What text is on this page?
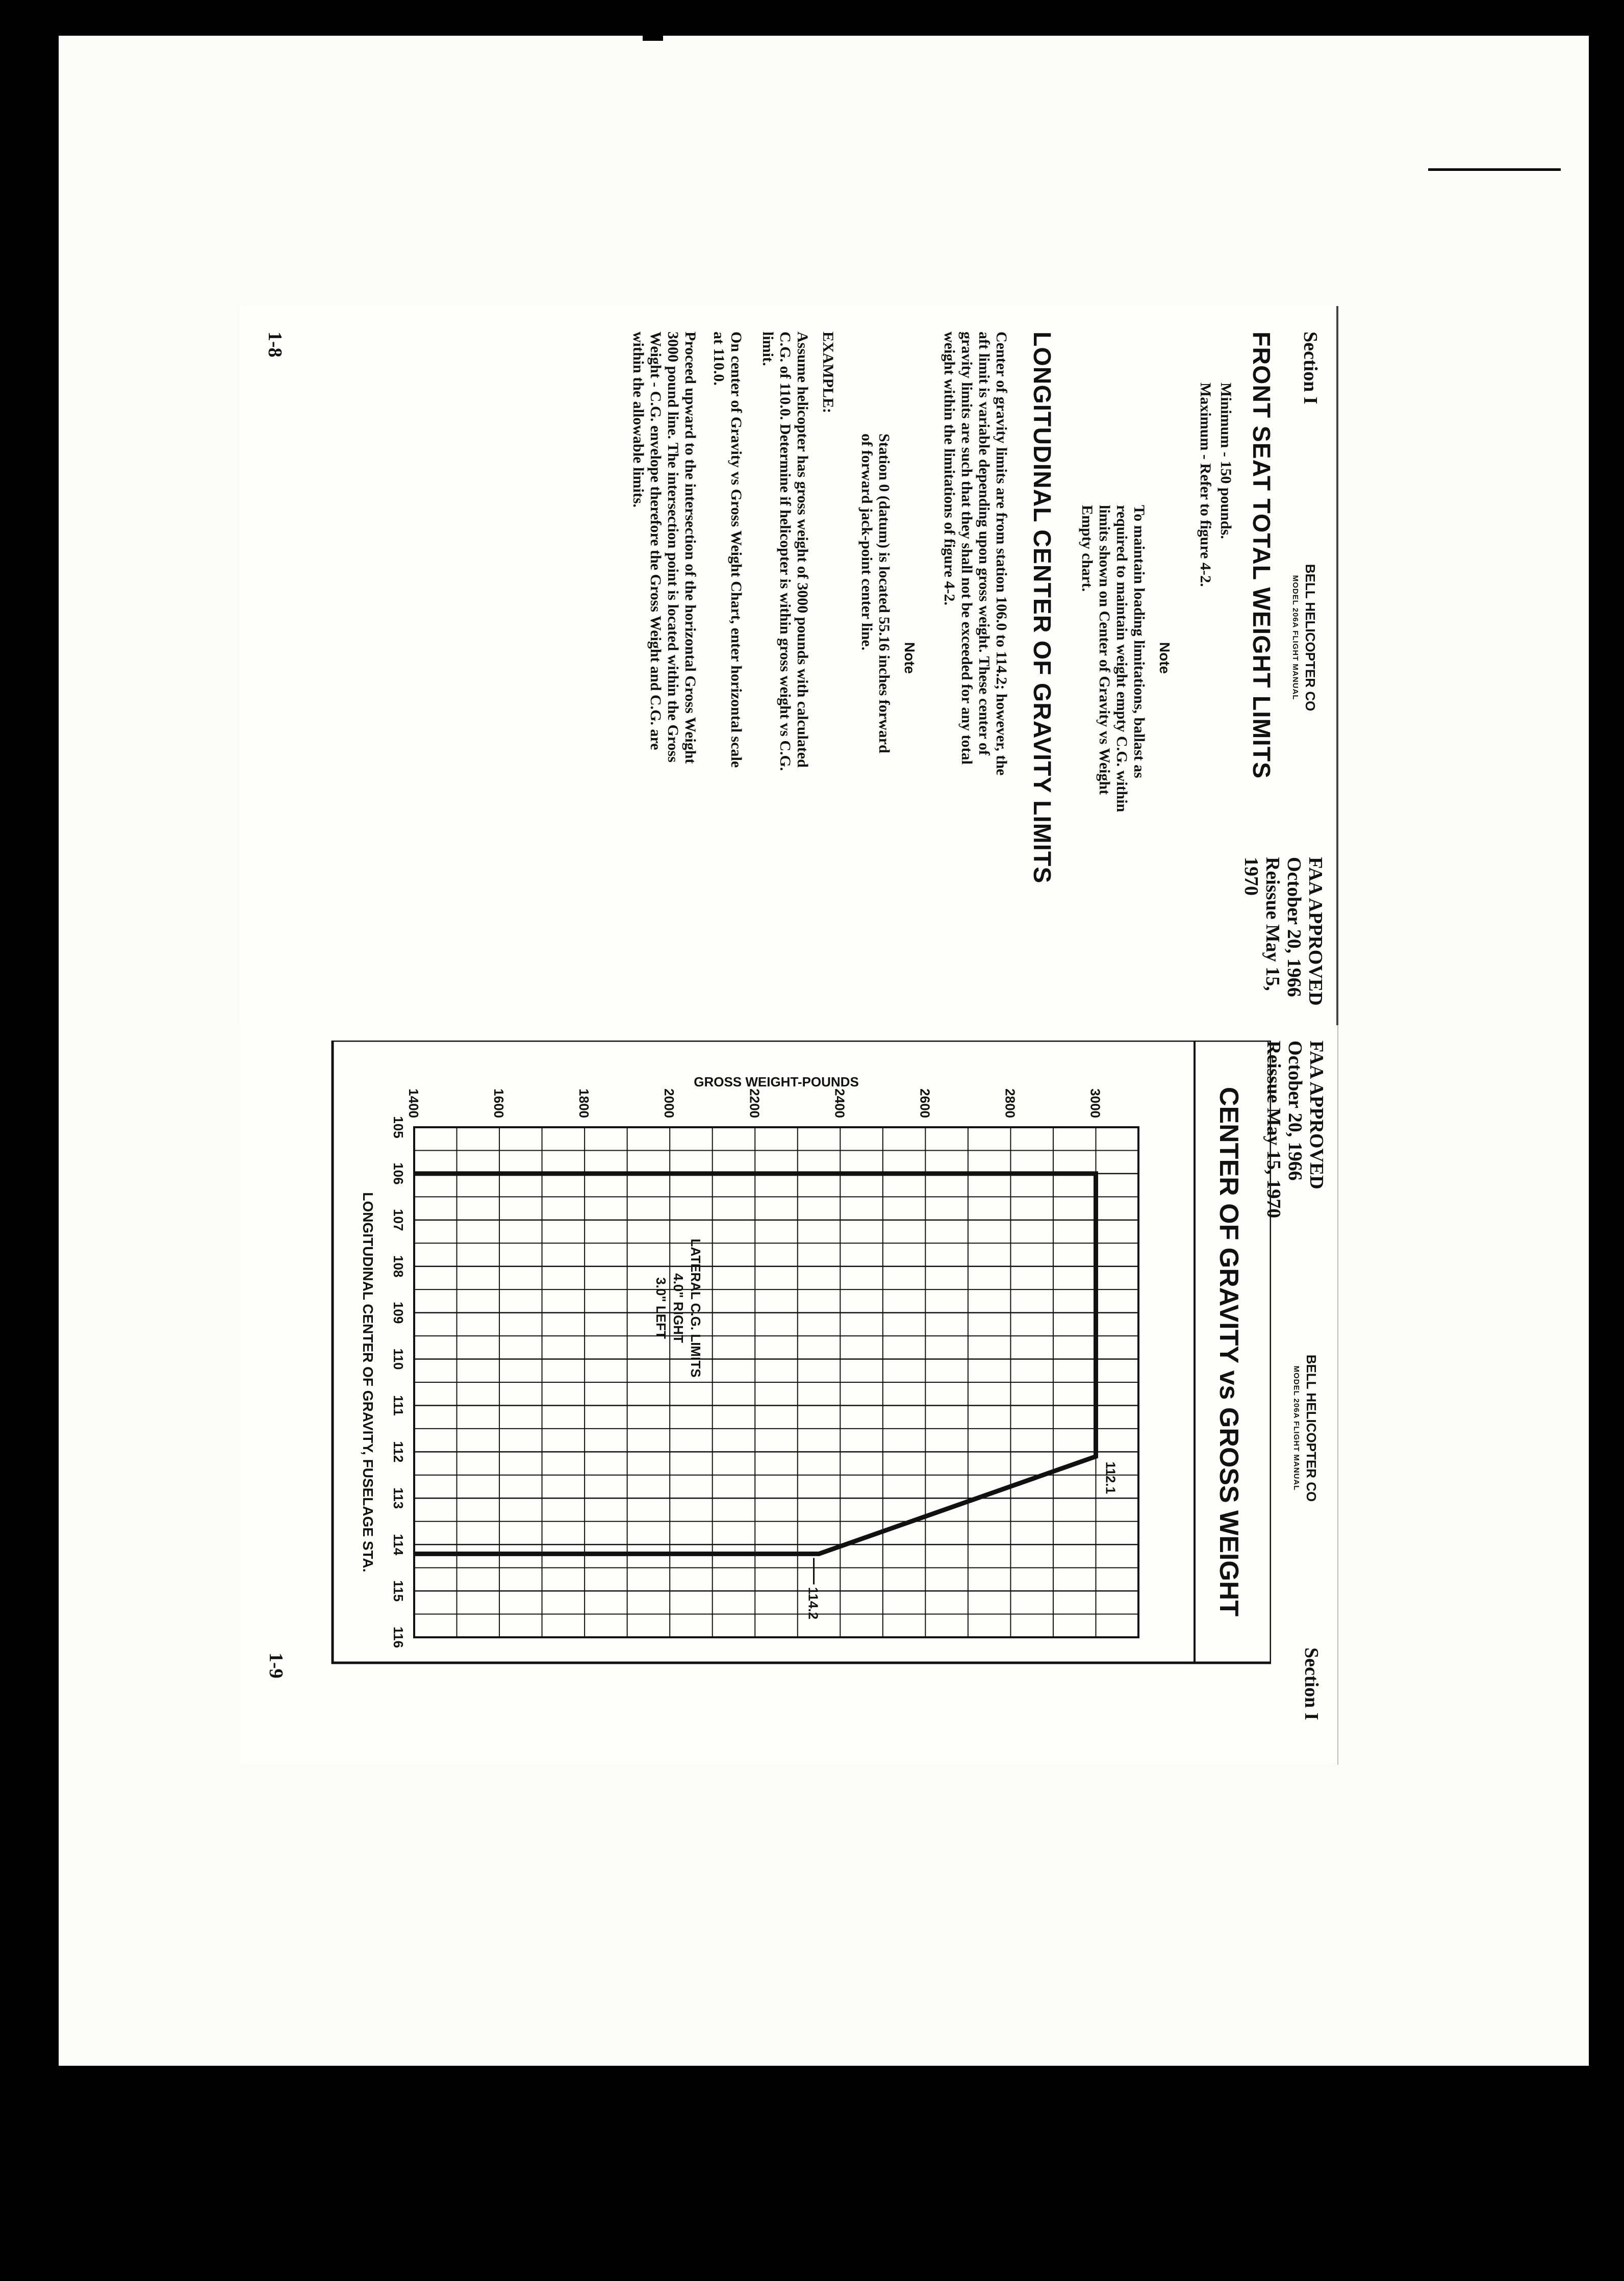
Section I
BELL HELICOPTER CO
MODEL 206A FLIGHT MANUAL
FAA APPROVED
October 20, 1966
Reissue May 15, 1970
FRONT SEAT TOTAL WEIGHT LIMITS
Minimum - 150 pounds.
Maximum - Refer to figure 4-2.
Note
To maintain loading limitations, ballast as
required to maintain weight empty C.G. within
limits shown on Center of Gravity vs Weight
Empty chart.
LONGITUDINAL CENTER OF GRAVITY LIMITS
Center of gravity limits are from station 106.0 to 114.2; however, the
aft limit is variable depending upon gross weight. These center of
gravity limits are such that they shall not be exceeded for any total
weight within the limitations of figure 4-2.
Note
Station 0 (datum) is located 55.16 inches forward
of forward jack-point center line.
EXAMPLE:
Assume helicopter has gross weight of 3000 pounds with calculated
C.G. of 110.0. Determine if helicopter is within gross weight vs C.G.
limit.
On center of Gravity vs Gross Weight Chart, enter horizontal scale
at 110.0.
Proceed upward to the intersection of the horizontal Gross Weight
3000 pound line. The intersection point is located within the Gross
Weight - C.G. envelope therefore the Gross Weight and C.G. are
within the allowable limits.
1-8
FAA APPROVED
October 20, 1966
Reissue May 15, 1970
BELL HELICOPTER CO
MODEL 206A FLIGHT MANUAL
Section I
CENTER OF GRAVITY vs GROSS WEIGHT
GROSS WEIGHT-POUNDS
1400	1600	1800	2000	2200	2400	2600	2800	3000
105
106
107
108
109
110
111
112
113
114
115
116
LONGITUDINAL CENTER OF GRAVITY, FUSELAGE STA.	112.1
114.2
LATERAL C.G. LIMITS
4.0" RIGHT
3.0" LEFT
1-9
